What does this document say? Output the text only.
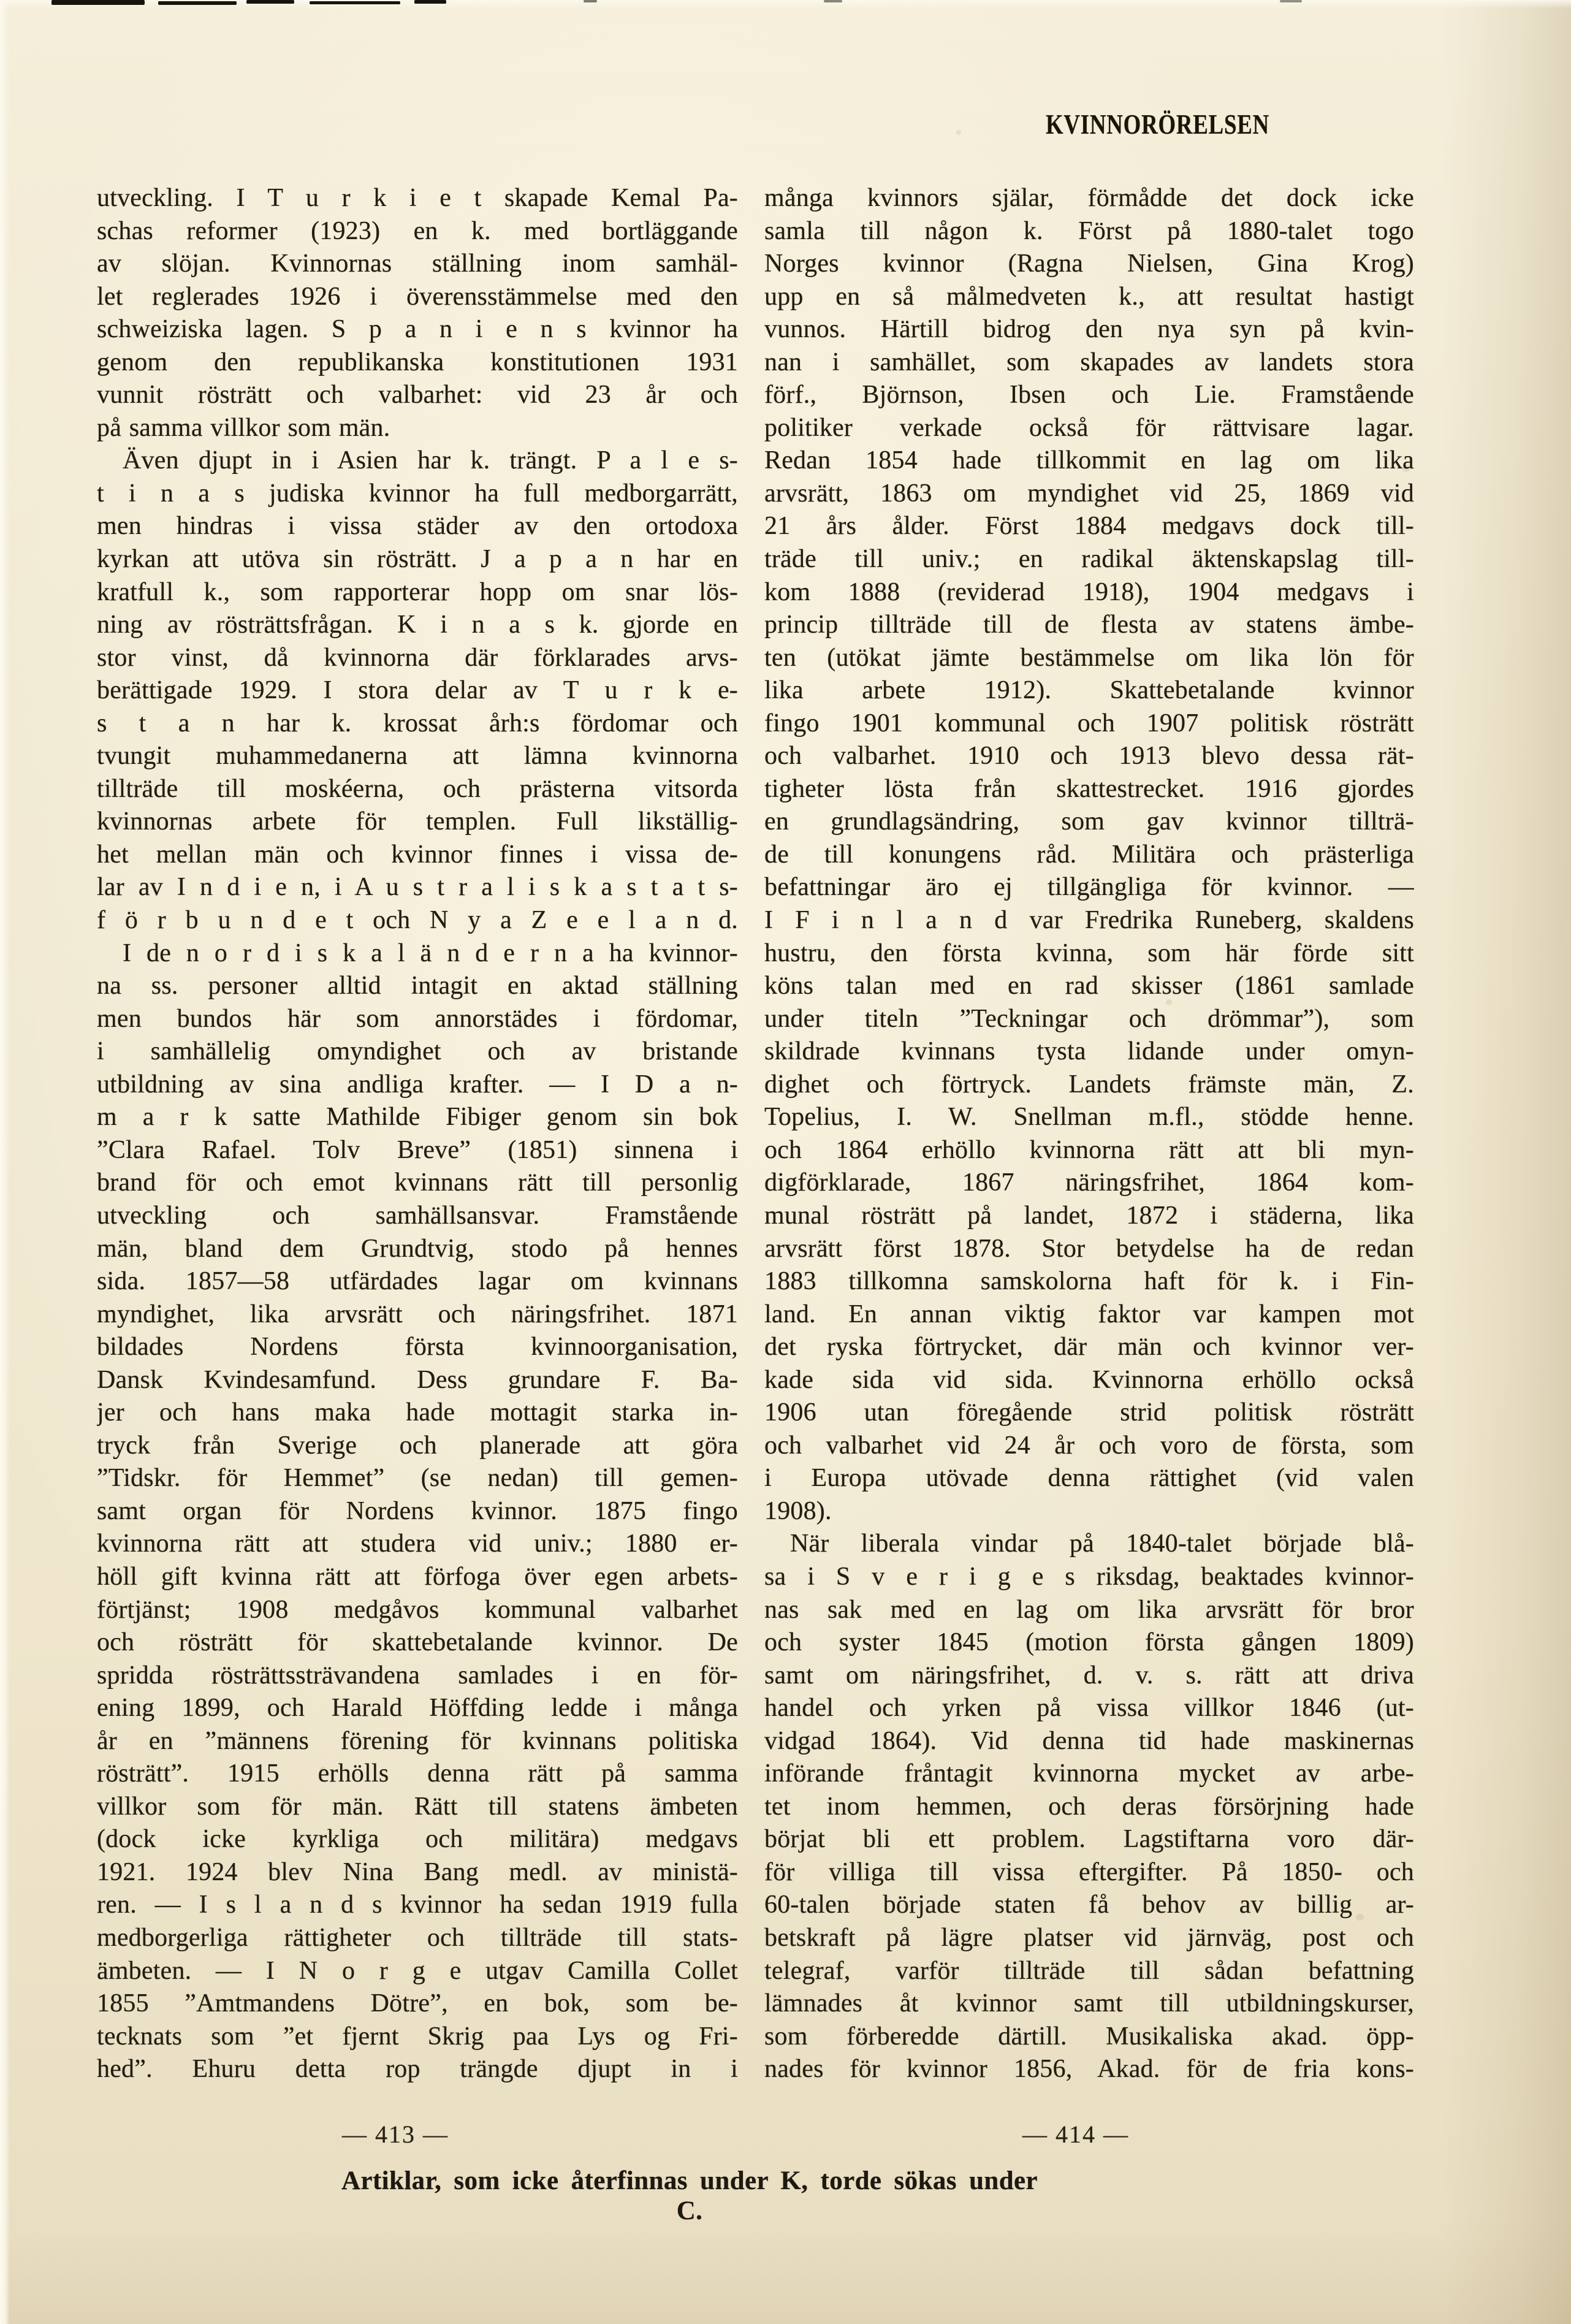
KVINNORÖRELSEN
utveckling. I T u r k i e t skapade Kemal Pa-
schas reformer (1923) en k. med bortläggande
av slöjan. Kvinnornas ställning inom samhäl-
let reglerades 1926 i överensstämmelse med den
schweiziska lagen. S p a n i e n s kvinnor ha
genom den republikanska konstitutionen 1931
vunnit rösträtt och valbarhet: vid 23 år och
på samma villkor som män.
Även djupt in i Asien har k. trängt. P a l e s-
t i n a s judiska kvinnor ha full medborgarrätt,
men hindras i vissa städer av den ortodoxa
kyrkan att utöva sin rösträtt. J a p a n har en
kratfull k., som rapporterar hopp om snar lös-
ning av rösträttsfrågan. K i n a s k. gjorde en
stor vinst, då kvinnorna där förklarades arvs-
berättigade 1929. I stora delar av T u r k e-
s t a n har k. krossat årh:s fördomar och
tvungit muhammedanerna att lämna kvinnorna
tillträde till moskéerna, och prästerna vitsorda
kvinnornas arbete för templen. Full likställig-
het mellan män och kvinnor finnes i vissa de-
lar av I n d i e n, i A u s t r a l i s k a s t a t s-
f ö r b u n d e t och N y a Z e e l a n d.
I de n o r d i s k a l ä n d e r n a ha kvinnor-
na ss. personer alltid intagit en aktad ställning
men bundos här som annorstädes i fördomar,
i samhällelig omyndighet och av bristande
utbildning av sina andliga krafter. — I D a n-
m a r k satte Mathilde Fibiger genom sin bok
”Clara Rafael. Tolv Breve” (1851) sinnena i
brand för och emot kvinnans rätt till personlig
utveckling och samhällsansvar. Framstående
män, bland dem Grundtvig, stodo på hennes
sida. 1857—58 utfärdades lagar om kvinnans
myndighet, lika arvsrätt och näringsfrihet. 1871
bildades Nordens första kvinnoorganisation,
Dansk Kvindesamfund. Dess grundare F. Ba-
jer och hans maka hade mottagit starka in-
tryck från Sverige och planerade att göra
”Tidskr. för Hemmet” (se nedan) till gemen-
samt organ för Nordens kvinnor. 1875 fingo
kvinnorna rätt att studera vid univ.; 1880 er-
höll gift kvinna rätt att förfoga över egen arbets-
förtjänst; 1908 medgåvos kommunal valbarhet
och rösträtt för skattebetalande kvinnor. De
spridda rösträttssträvandena samlades i en för-
ening 1899, och Harald Höffding ledde i många
år en ”männens förening för kvinnans politiska
rösträtt”. 1915 erhölls denna rätt på samma
villkor som för män. Rätt till statens ämbeten
(dock icke kyrkliga och militära) medgavs
1921. 1924 blev Nina Bang medl. av ministä-
ren. — I s l a n d s kvinnor ha sedan 1919 fulla
medborgerliga rättigheter och tillträde till stats-
ämbeten. — I N o r g e utgav Camilla Collet
1855 ”Amtmandens Dötre”, en bok, som be-
tecknats som ”et fjernt Skrig paa Lys og Fri-
hed”. Ehuru detta rop trängde djupt in i
många kvinnors själar, förmådde det dock icke
samla till någon k. Först på 1880-talet togo
Norges kvinnor (Ragna Nielsen, Gina Krog)
upp en så målmedveten k., att resultat hastigt
vunnos. Härtill bidrog den nya syn på kvin-
nan i samhället, som skapades av landets stora
förf., Björnson, Ibsen och Lie. Framstående
politiker verkade också för rättvisare lagar.
Redan 1854 hade tillkommit en lag om lika
arvsrätt, 1863 om myndighet vid 25, 1869 vid
21 års ålder. Först 1884 medgavs dock till-
träde till univ.; en radikal äktenskapslag till-
kom 1888 (reviderad 1918), 1904 medgavs i
princip tillträde till de flesta av statens ämbe-
ten (utökat jämte bestämmelse om lika lön för
lika arbete 1912). Skattebetalande kvinnor
fingo 1901 kommunal och 1907 politisk rösträtt
och valbarhet. 1910 och 1913 blevo dessa rät-
tigheter lösta från skattestrecket. 1916 gjordes
en grundlagsändring, som gav kvinnor tillträ-
de till konungens råd. Militära och prästerliga
befattningar äro ej tillgängliga för kvinnor. —
I F i n l a n d var Fredrika Runeberg, skaldens
hustru, den första kvinna, som här förde sitt
köns talan med en rad skisser (1861 samlade
under titeln ”Teckningar och drömmar”), som
skildrade kvinnans tysta lidande under omyn-
dighet och förtryck. Landets främste män, Z.
Topelius, I. W. Snellman m.fl., stödde henne.
och 1864 erhöllo kvinnorna rätt att bli myn-
digförklarade, 1867 näringsfrihet, 1864 kom-
munal rösträtt på landet, 1872 i städerna, lika
arvsrätt först 1878. Stor betydelse ha de redan
1883 tillkomna samskolorna haft för k. i Fin-
land. En annan viktig faktor var kampen mot
det ryska förtrycket, där män och kvinnor ver-
kade sida vid sida. Kvinnorna erhöllo också
1906 utan föregående strid politisk rösträtt
och valbarhet vid 24 år och voro de första, som
i Europa utövade denna rättighet (vid valen
1908).
När liberala vindar på 1840-talet började blå-
sa i S v e r i g e s riksdag, beaktades kvinnor-
nas sak med en lag om lika arvsrätt för bror
och syster 1845 (motion första gången 1809)
samt om näringsfrihet, d. v. s. rätt att driva
handel och yrken på vissa villkor 1846 (ut-
vidgad 1864). Vid denna tid hade maskinernas
införande fråntagit kvinnorna mycket av arbe-
tet inom hemmen, och deras försörjning hade
börjat bli ett problem. Lagstiftarna voro där-
för villiga till vissa eftergifter. På 1850- och
60-talen började staten få behov av billig ar-
betskraft på lägre platser vid järnväg, post och
telegraf, varför tillträde till sådan befattning
lämnades åt kvinnor samt till utbildningskurser,
som förberedde därtill. Musikaliska akad. öpp-
nades för kvinnor 1856, Akad. för de fria kons-
— 413 —	— 414 —
Artiklar, som icke återfinnas under K, torde sökas under C.
